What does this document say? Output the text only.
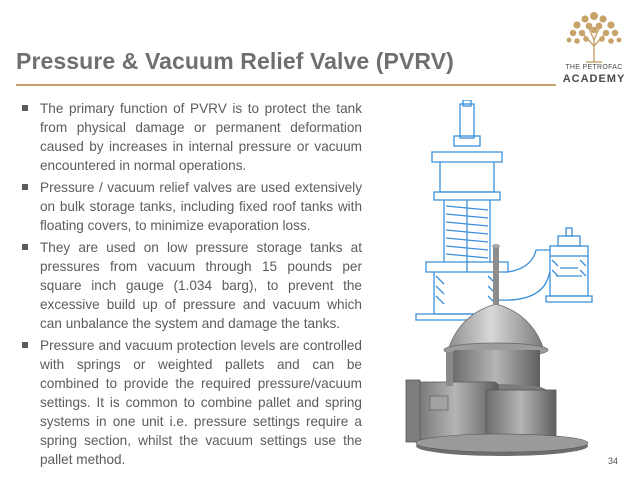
Pressure & Vacuum Relief Valve (PVRV)	THE PETROFAC
ACADEMY
The primary function of PVRV is to protect the tank from physical damage or permanent deformation caused by increases in internal pressure or vacuum encountered in normal operations.
Pressure / vacuum relief valves are used extensively on bulk storage tanks, including fixed roof tanks with floating covers, to minimize evaporation loss.
They are used on low pressure storage tanks at pressures from vacuum through 15 pounds per square inch gauge (1.034 barg), to prevent the excessive build up of pressure and vacuum which can unbalance the system and damage the tanks.
Pressure and vacuum protection levels are controlled with springs or weighted pallets and can be combined to provide the required pressure/vacuum settings. It is common to combine pallet and spring systems in one unit i.e. pressure settings require a spring section, whilst the vacuum settings use the pallet method.	34
